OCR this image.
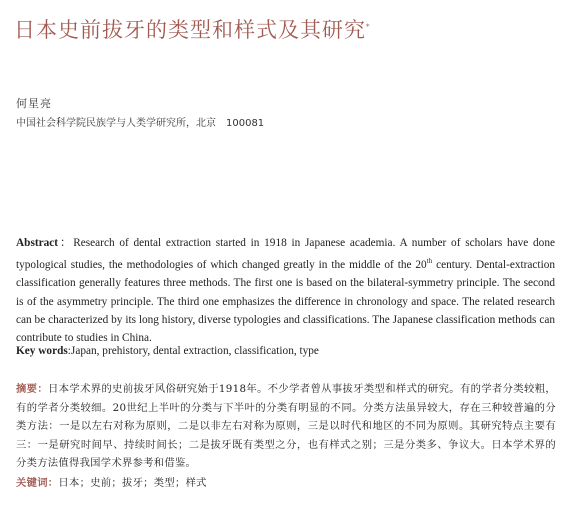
日本史前拔牙的类型和样式及其研究*
何星亮
中国社会科学院民族学与人类学研究所，北京　100081
Abstract：Research of dental extraction started in 1918 in Japanese academia. A number of scholars have done typological studies, the methodologies of which changed greatly in the middle of the 20th century. Dental-extraction classification generally features three methods. The first one is based on the bilateral-symmetry principle. The second is of the asymmetry principle. The third one emphasizes the difference in chronology and space. The related research can be characterized by its long history, diverse typologies and classifications. The Japanese classification methods can contribute to studies in China.
Key words:Japan, prehistory, dental extraction, classification, type
摘要：日本学术界的史前拔牙风俗研究始于1918年。不少学者曾从事拔牙类型和样式的研究。有的学者分类较粗，有的学者分类较细。20世纪上半叶的分类与下半叶的分类有明显的不同。分类方法虽异较大，存在三种较普遍的分类方法：一是以左右对称为原则，二是以非左右对称为原则，三是以时代和地区的不同为原则。其研究特点主要有三：一是研究时间早、持续时间长；二是拔牙既有类型之分，也有样式之别；三是分类多、争议大。日本学术界的分类方法值得我国学术界参考和借鉴。
关键词：日本；史前；拔牙；类型；样式
